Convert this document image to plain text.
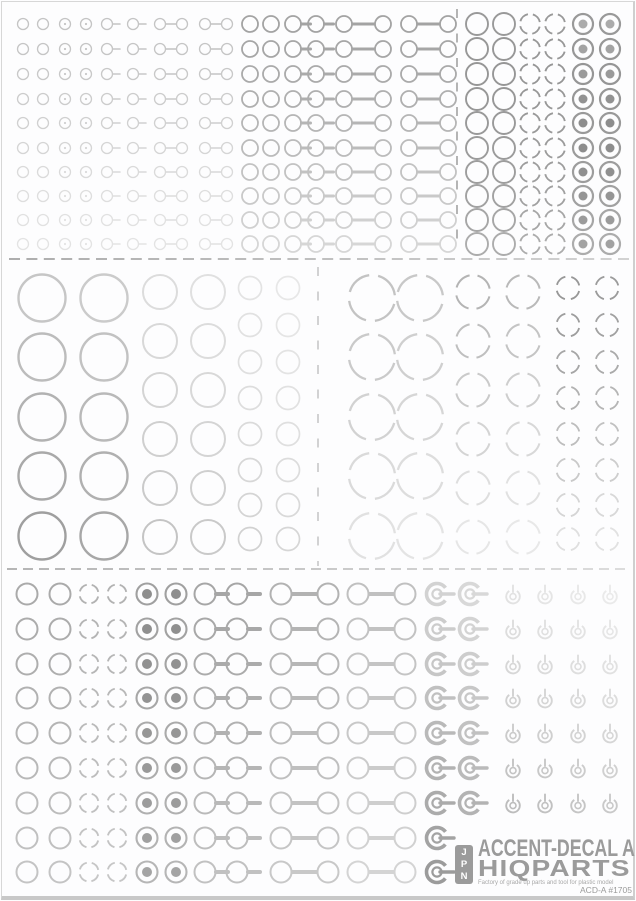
J
P
N
ACCENT-DECAL A
HIQPARTS
Factory of grade up parts and tool for plastic model
ACD-A #1705
